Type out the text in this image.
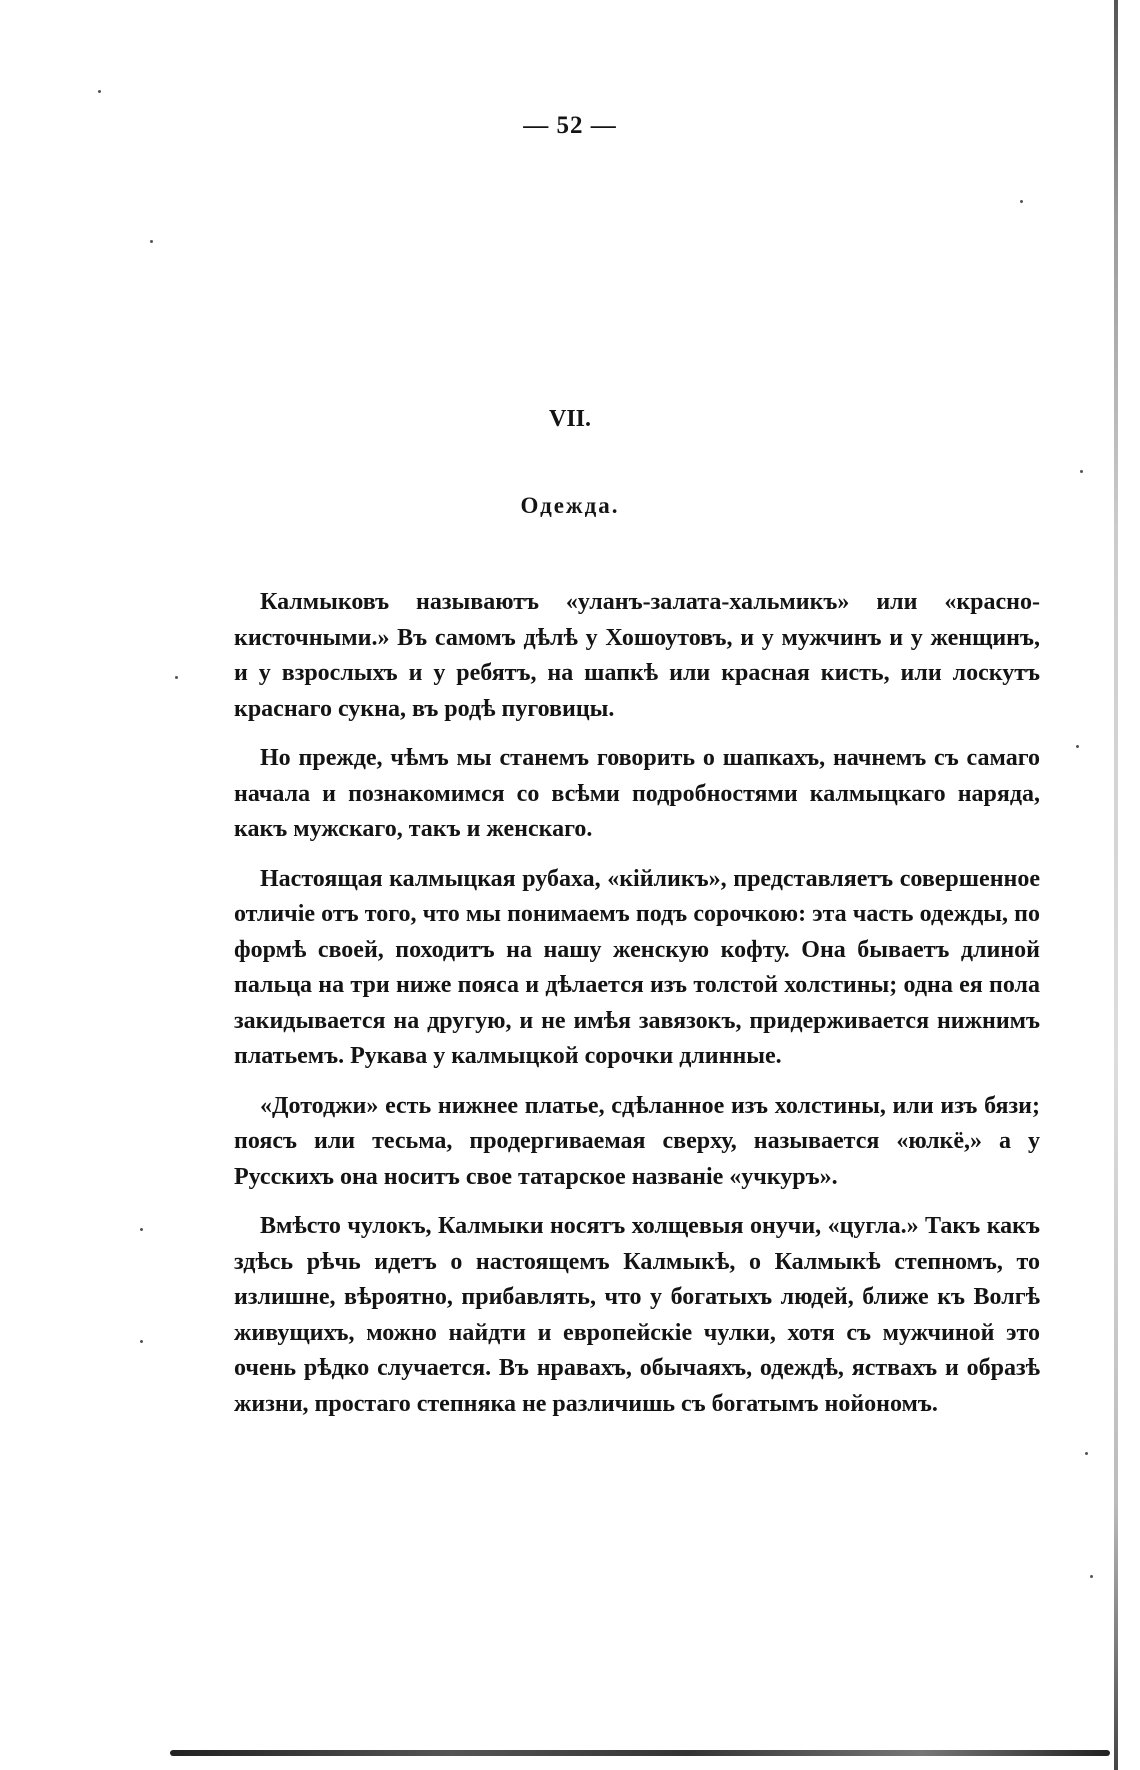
— 52 —
VII.
Одежда.

Калмыковъ называютъ «уланъ-залата-хальмикъ» или «красно-кисточными.» Въ самомъ дѣлѣ у Хошоутовъ, и у мужчинъ и у женщинъ, и у взрослыхъ и у ребятъ, на шапкѣ или красная кисть, или лоскутъ краснаго сукна, въ родѣ пуговицы.

Но прежде, чѣмъ мы станемъ говорить о шапкахъ, начнемъ съ самаго начала и познакомимся со всѣми подробностями калмыцкаго наряда, какъ мужскаго, такъ и женскаго.

Настоящая калмыцкая рубаха, «кійликъ», представляетъ совершенное отличіе отъ того, что мы понимаемъ подъ сорочкою: эта часть одежды, по формѣ своей, походитъ на нашу женскую кофту. Она бываетъ длиной пальца на три ниже пояса и дѣлается изъ толстой холстины; одна ея пола закидывается на другую, и не имѣя завязокъ, придерживается нижнимъ платьемъ. Рукава у калмыцкой сорочки длинные.

«Дотоджи» есть нижнее платье, сдѣланное изъ холстины, или изъ бязи; поясъ или тесьма, продергиваемая сверху, называется «юлкё,» а у Русскихъ она носитъ свое татарское названіе «учкуръ».

Вмѣсто чулокъ, Калмыки носятъ холщевыя онучи, «цугла.» Такъ какъ здѣсь рѣчь идетъ о настоящемъ Калмыкѣ, о Калмыкѣ степномъ, то излишне, вѣроятно, прибавлять, что у богатыхъ людей, ближе къ Волгѣ живущихъ, можно найдти и европейскіе чулки, хотя съ мужчиной это очень рѣдко случается. Въ нравахъ, обычаяхъ, одеждѣ, яствахъ и образѣ жизни, простаго степняка не различишь съ богатымъ нойономъ.
